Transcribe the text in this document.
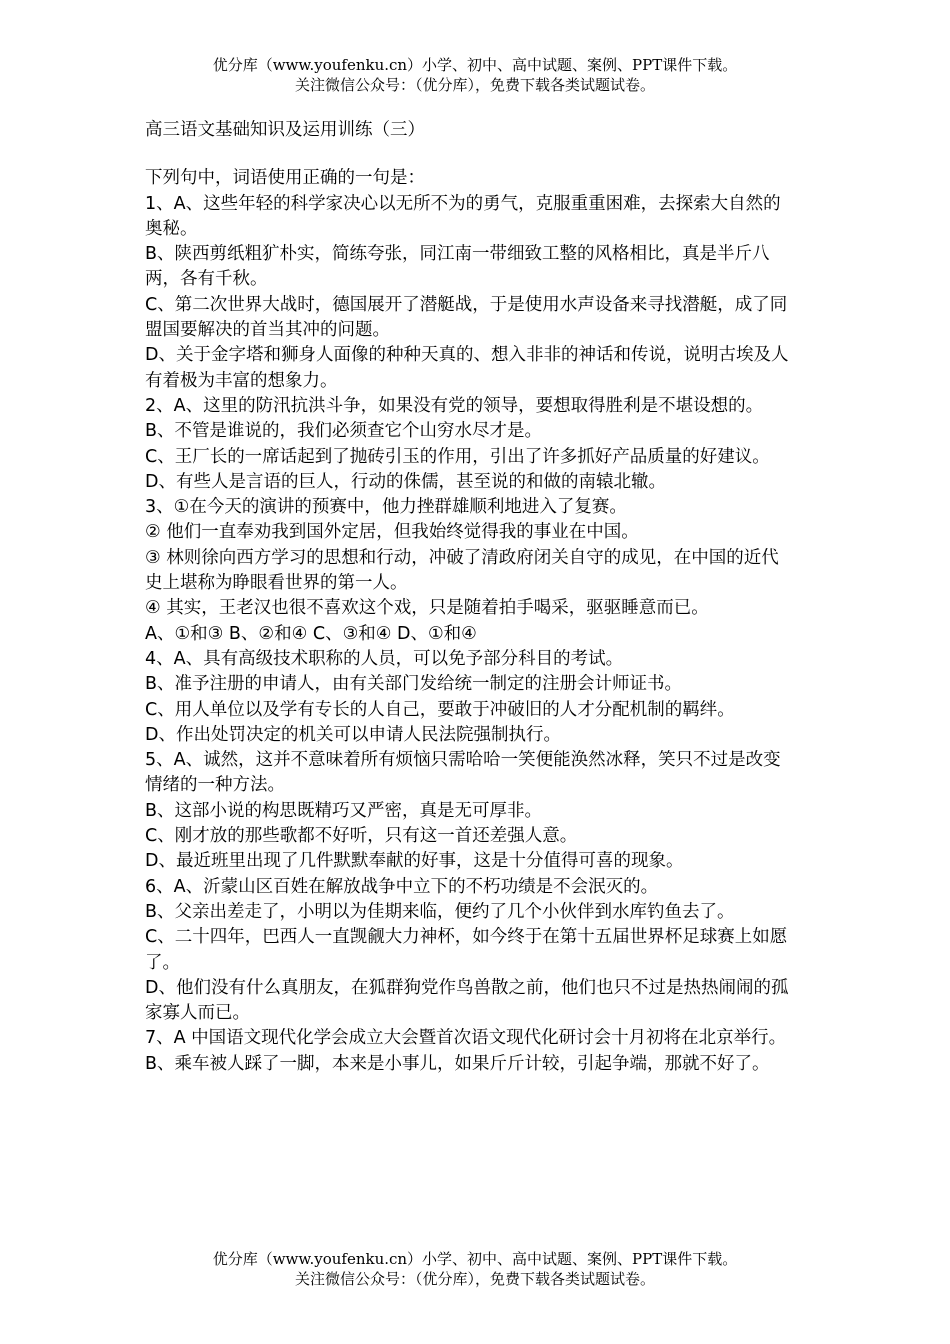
优分库（www.youfenku.cn）小学、初中、高中试题、案例、PPT课件下载。
关注微信公众号：（优分库），免费下载各类试题试卷。
高三语文基础知识及运用训练（三）

下列句中，词语使用正确的一句是：

1、A、这些年轻的科学家决心以无所不为的勇气，克服重重困难，去探索大自然的奥秘。

B、陕西剪纸粗犷朴实，简练夸张，同江南一带细致工整的风格相比，真是半斤八两，各有千秋。

C、第二次世界大战时，德国展开了潜艇战，于是使用水声设备来寻找潜艇，成了同盟国要解决的首当其冲的问题。

D、关于金字塔和狮身人面像的种种天真的、想入非非的神话和传说，说明古埃及人有着极为丰富的想象力。

2、A、这里的防汛抗洪斗争，如果没有党的领导，要想取得胜利是不堪设想的。

B、不管是谁说的，我们必须查它个山穷水尽才是。

C、王厂长的一席话起到了抛砖引玉的作用，引出了许多抓好产品质量的好建议。

D、有些人是言语的巨人，行动的侏儒，甚至说的和做的南辕北辙。

3、①在今天的演讲的预赛中，他力挫群雄顺利地进入了复赛。

② 他们一直奉劝我到国外定居，但我始终觉得我的事业在中国。

③ 林则徐向西方学习的思想和行动，冲破了清政府闭关自守的成见，在中国的近代史上堪称为睁眼看世界的第一人。

④ 其实，王老汉也很不喜欢这个戏，只是随着拍手喝采，驱驱睡意而已。

A、①和③ B、②和④ C、③和④ D、①和④

4、A、具有高级技术职称的人员，可以免予部分科目的考试。

B、准予注册的申请人，由有关部门发给统一制定的注册会计师证书。

C、用人单位以及学有专长的人自己，要敢于冲破旧的人才分配机制的羁绊。

D、作出处罚决定的机关可以申请人民法院强制执行。

5、A、诚然，这并不意味着所有烦恼只需哈哈一笑便能涣然冰释，笑只不过是改变情绪的一种方法。

B、这部小说的构思既精巧又严密，真是无可厚非。

C、刚才放的那些歌都不好听，只有这一首还差强人意。

D、最近班里出现了几件默默奉献的好事，这是十分值得可喜的现象。

6、A、沂蒙山区百姓在解放战争中立下的不朽功绩是不会泯灭的。

B、父亲出差走了，小明以为佳期来临，便约了几个小伙伴到水库钓鱼去了。

C、二十四年，巴西人一直觊觎大力神杯，如今终于在第十五届世界杯足球赛上如愿了。

D、他们没有什么真朋友，在狐群狗党作鸟兽散之前，他们也只不过是热热闹闹的孤家寡人而已。

7、A 中国语文现代化学会成立大会暨首次语文现代化研讨会十月初将在北京举行。

B、乘车被人踩了一脚，本来是小事儿，如果斤斤计较，引起争端，那就不好了。

优分库（www.youfenku.cn）小学、初中、高中试题、案例、PPT课件下载。
关注微信公众号：（优分库），免费下载各类试题试卷。
